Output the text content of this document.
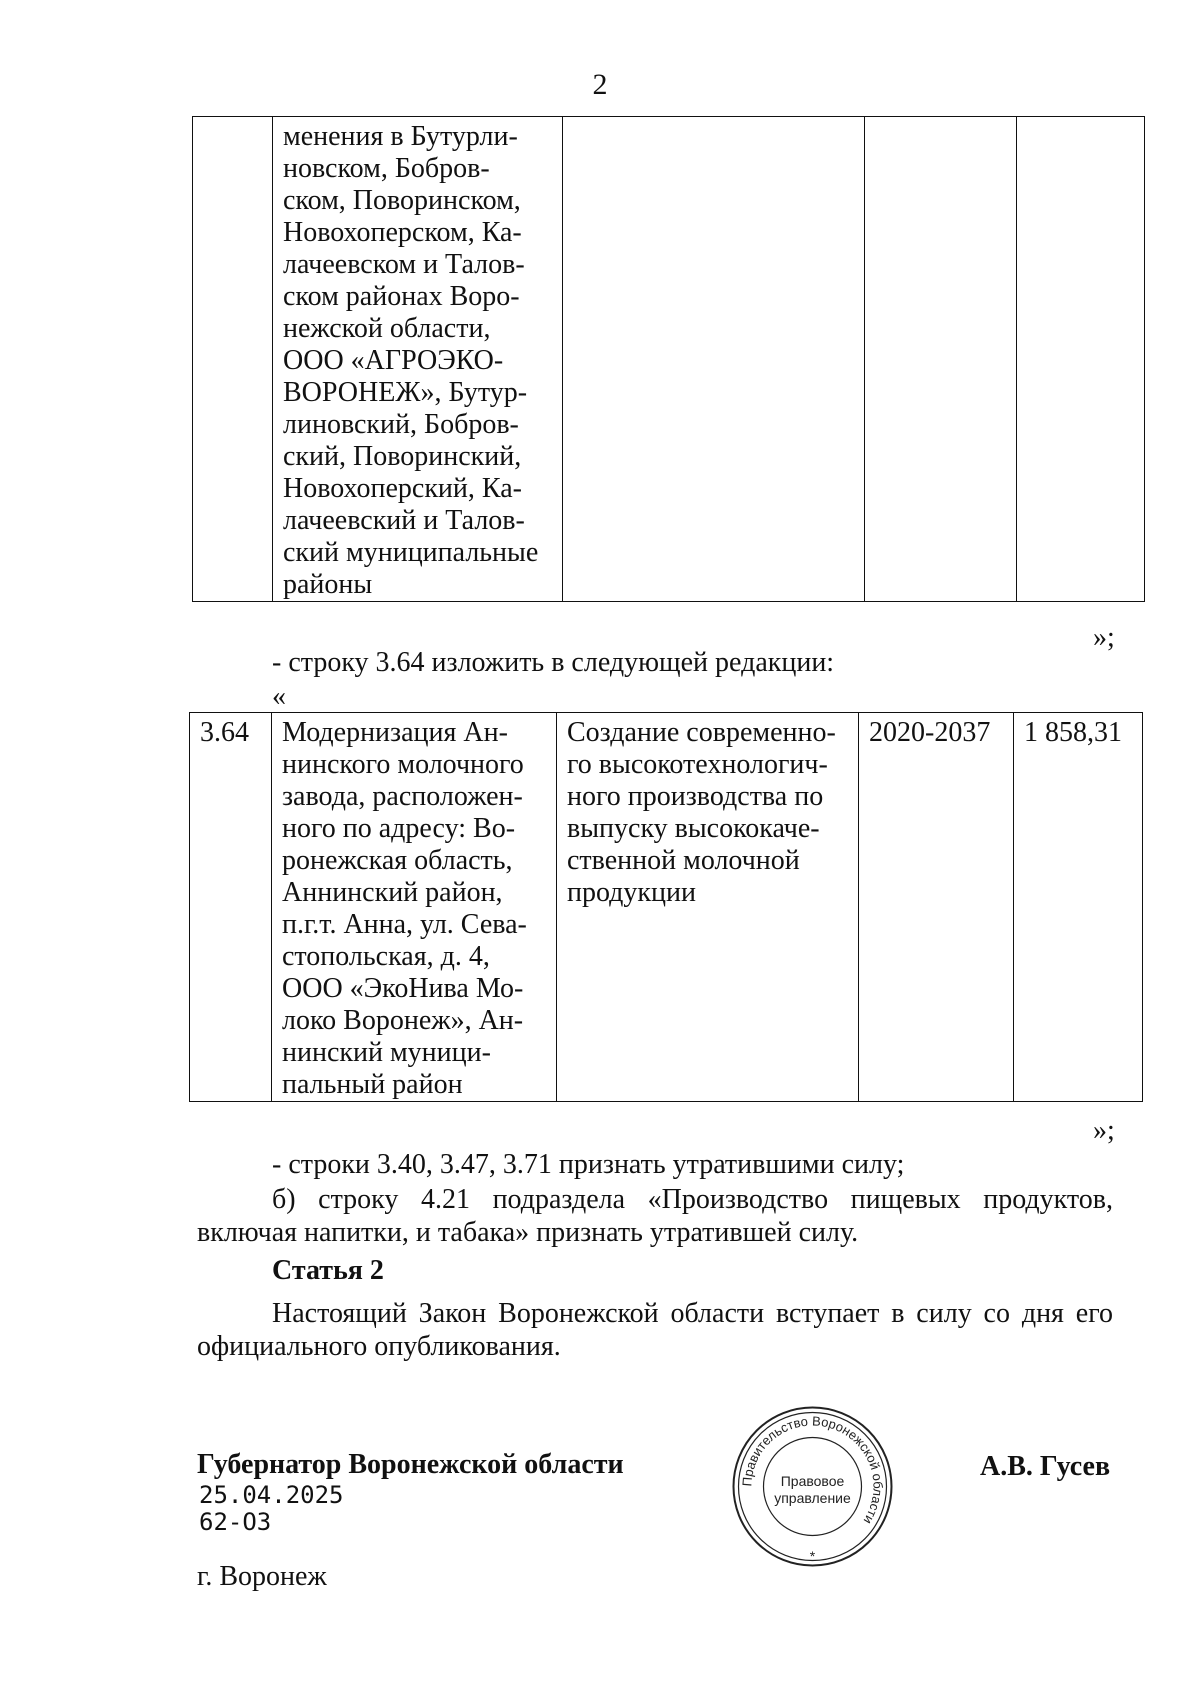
2
	менения в Бутурли-
новском, Бобров-
ском, Поворинском,
Новохоперском, Ка-
лачеевском и Талов-
ском районах Воро-
нежской области,
ООО «АГРОЭКО-
ВОРОНЕЖ», Бутур-
линовский, Бобров-
ский, Поворинский,
Новохоперский, Ка-
лачеевский и Талов-
ский муниципальные
районы			
»;
- строку 3.64 изложить в следующей редакции:
«
3.64	Модернизация Ан-
нинского молочного
завода, расположен-
ного по адресу: Во-
ронежская область,
Аннинский район,
п.г.т. Анна, ул. Сева-
стопольская, д. 4,
ООО «ЭкоНива Мо-
локо Воронеж», Ан-
нинский муници-
пальный район	Создание современно-
го высокотехнологич-
ного производства по
выпуску высококаче-
ственной молочной
продукции	2020-2037	1 858,31
»;
- строки 3.40, 3.47, 3.71 признать утратившими силу;
б) строку 4.21 подраздела «Производство пищевых продуктов, включая напитки, и табака» признать утратившей силу.
Статья 2
Настоящий Закон Воронежской области вступает в силу со дня его официального опубликования.
Губернатор Воронежской области
25.04.2025
62-ОЗ
г. Воронеж
А.В. Гусев
Правительство Воронежской области
Правовое
управление
*
